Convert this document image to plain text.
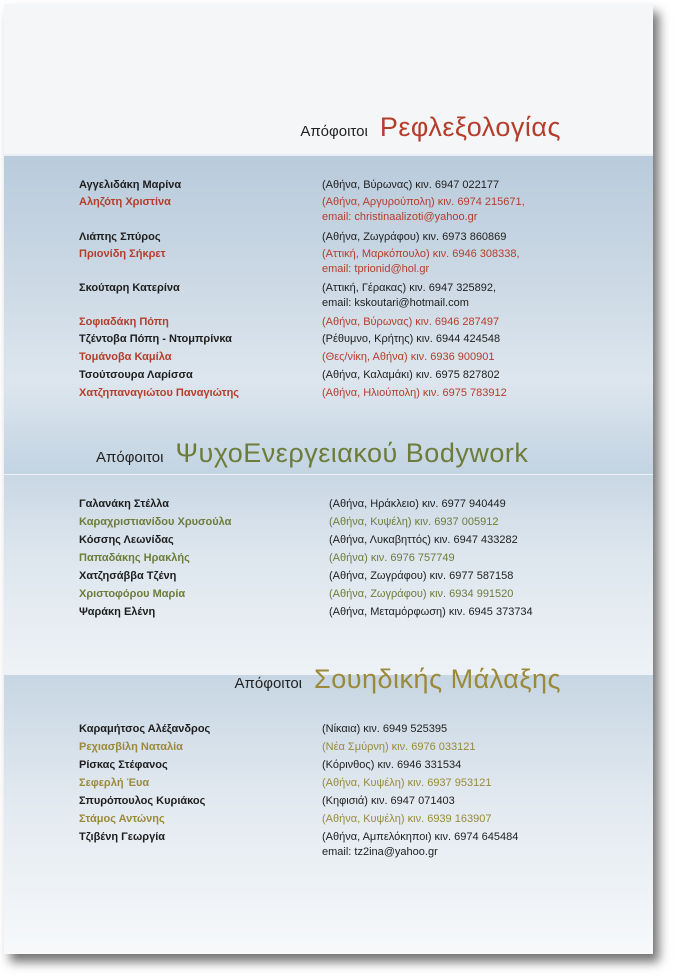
Απόφοιτοι Ρεφλεξολογίας
Αγγελιδάκη Μαρίνα	(Αθήνα, Βύρωνας) κιν. 6947 022177
Αληζότη Χριστίνα	(Αθήνα, Αργυρούπολη) κιν. 6974 215671,
email: christinaalizoti@yahoo.gr
Λιάπης Σπύρος	(Αθήνα, Ζωγράφου) κιν. 6973 860869
Πριονίδη Σήκρετ	(Αττική, Μαρκόπουλο) κιν. 6946 308338,
email: tprionid@hol.gr
Σκούταρη Κατερίνα	(Αττική, Γέρακας) κιν. 6947 325892,
email: kskoutari@hotmail.com
Σοφιαδάκη Πόπη	(Αθήνα, Βύρωνας) κιν. 6946 287497
Τζέντοβα Πόπη - Ντομπρίνκα	(Ρέθυμνο, Κρήτης) κιν. 6944 424548
Τομάνοβα Καμίλα	(Θες/νίκη, Αθήνα) κιν. 6936 900901
Τσούτσουρα Λαρίσσα	(Αθήνα, Καλαμάκι) κιν. 6975 827802
Χατζηπαναγιώτου Παναγιώτης	(Αθήνα, Ηλιούπολη) κιν. 6975 783912
Απόφοιτοι ΨυχοΕνεργειακού Bodywork
Γαλανάκη Στέλλα	(Αθήνα, Ηράκλειο) κιν. 6977 940449
Καραχριστιανίδου Χρυσούλα	(Αθήνα, Κυψέλη) κιν. 6937 005912
Κόσσης Λεωνίδας	(Αθήνα, Λυκαβηττός) κιν. 6947 433282
Παπαδάκης Ηρακλής	(Αθήνα) κιν. 6976 757749
Χατζησάββα Τζένη	(Αθήνα, Ζωγράφου) κιν. 6977 587158
Χριστοφόρου Μαρία	(Αθήνα, Ζωγράφου) κιν. 6934 991520
Ψαράκη Ελένη	(Αθήνα, Μεταμόρφωση) κιν. 6945 373734
Απόφοιτοι Σουηδικής Μάλαξης
Καραμήτσος Αλέξανδρος	(Νίκαια) κιν. 6949 525395
Ρεχιασβίλη Ναταλία	(Νέα Σμύρνη) κιν. 6976 033121
Ρίσκας Στέφανος	(Κόρινθος) κιν. 6946 331534
Σεφερλή Έυα	(Αθήνα, Κυψέλη) κιν. 6937 953121
Σπυρόπουλος Κυριάκος	(Κηφισιά) κιν. 6947 071403
Στάμος Αντώνης	(Αθήνα, Κυψέλη) κιν. 6939 163907
Τζιβένη Γεωργία	(Αθήνα, Αμπελόκηποι) κιν. 6974 645484
email: tz2ina@yahoo.gr
